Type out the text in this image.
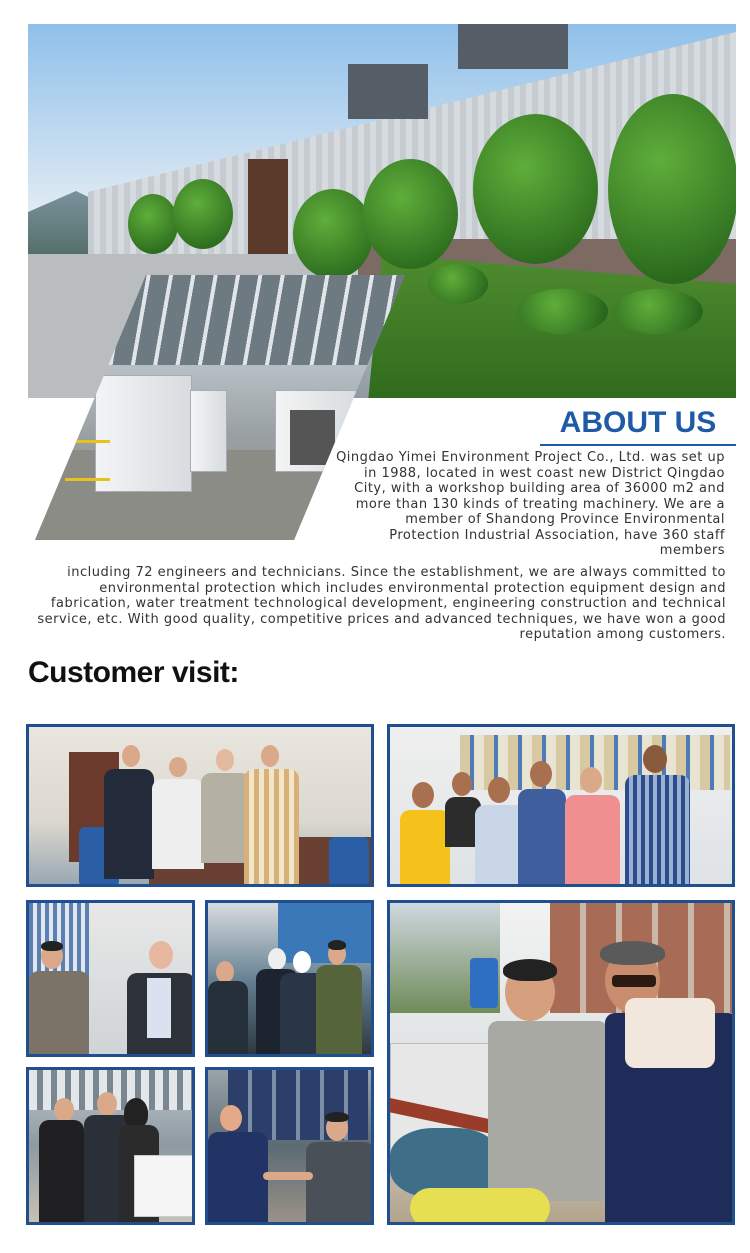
ABOUT US

Qingdao Yimei Environment Project Co., Ltd. was set up in 1988, located in west coast new District Qingdao City, with a workshop building area of 36000 m2 and more than 130 kinds of treating machinery. We are a member of Shandong Province Environmental Protection Industrial Association, have 360 staff members

including 72 engineers and technicians. Since the establishment, we are always committed to environmental protection which includes environmental protection equipment design and fabrication, water treatment technological development, engineering construction and technical service, etc. With good quality, competitive prices and advanced techniques, we have won a good reputation among customers.

Customer visit:
